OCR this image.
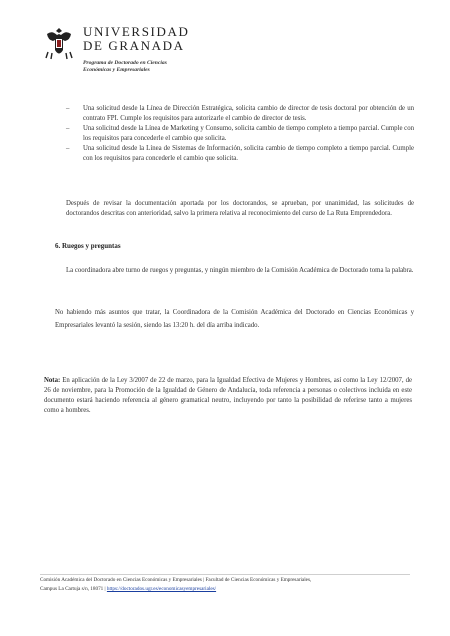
UNIVERSIDAD
DE GRANADA
Programa de Doctorado en Ciencias
Económicas y Empresariales
– Una solicitud desde la Línea de Dirección Estratégica, solicita cambio de director de tesis doctoral por obtención de un contrato FPI. Cumple los requisitos para autorizarle el cambio de director de tesis.
– Una solicitud desde la Línea de Marketing y Consumo, solicita cambio de tiempo completo a tiempo parcial. Cumple con los requisitos para concederle el cambio que solicita.
– Una solicitud desde la Línea de Sistemas de Información, solicita cambio de tiempo completo a tiempo parcial. Cumple con los requisitos para concederle el cambio que solicita.
Después de revisar la documentación aportada por los doctorandos, se aprueban, por unanimidad, las solicitudes de doctorandos descritas con anterioridad, salvo la primera relativa al reconocimiento del curso de La Ruta Emprendedora.
6. Ruegos y preguntas
La coordinadora abre turno de ruegos y preguntas, y ningún miembro de la Comisión Académica de Doctorado toma la palabra.
No habiendo más asuntos que tratar, la Coordinadora de la Comisión Académica del Doctorado en Ciencias Económicas y Empresariales levantó la sesión, siendo las 13:20 h. del día arriba indicado.
Nota: En aplicación de la Ley 3/2007 de 22 de marzo, para la Igualdad Efectiva de Mujeres y Hombres, así como la Ley 12/2007, de 26 de noviembre, para la Promoción de la Igualdad de Género de Andalucía, toda referencia a personas o colectivos incluida en este documento estará haciendo referencia al género gramatical neutro, incluyendo por tanto la posibilidad de referirse tanto a mujeres como a hombres.
Comisión Académica del Doctorado en Ciencias Económicas y Empresariales | Facultad de Ciencias Económicas y Empresariales,
Campus La Cartuja s/n, 18071 | https://doctorados.ugr.es/economicasyempresariales/
